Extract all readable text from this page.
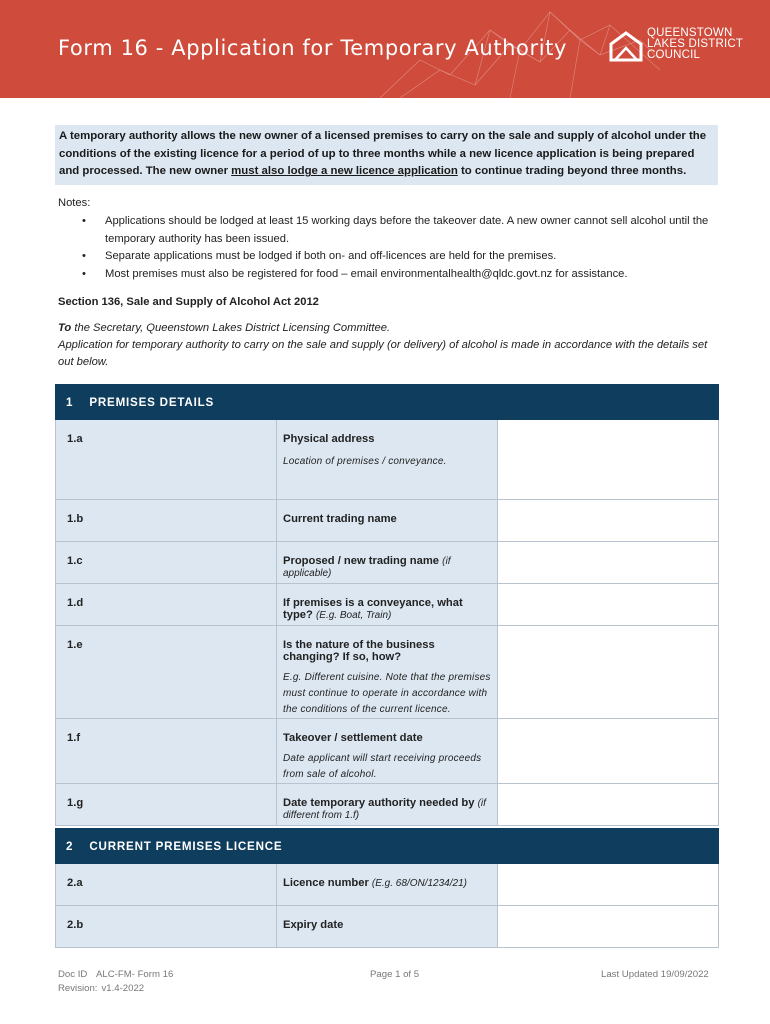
Form 16 - Application for Temporary Authority
QUEENSTOWN
LAKES DISTRICT
COUNCIL
A temporary authority allows the new owner of a licensed premises to carry on the sale and supply of alcohol under the conditions of the existing licence for a period of up to three months while a new licence application is being prepared and processed. The new owner must also lodge a new licence application to continue trading beyond three months.
Notes:
• Applications should be lodged at least 15 working days before the takeover date. A new owner cannot sell alcohol until the temporary authority has been issued.
• Separate applications must be lodged if both on- and off-licences are held for the premises.
• Most premises must also be registered for food – email environmentalhealth@qldc.govt.nz for assistance.
Section 136, Sale and Supply of Alcohol Act 2012
To the Secretary, Queenstown Lakes District Licensing Committee.
Application for temporary authority to carry on the sale and supply (or delivery) of alcohol is made in accordance with the details set out below.
1 PREMISES DETAILS		
1.a	Physical address
Location of premises / conveyance.	

1.b	Current trading name	

1.c	Proposed / new trading name (if applicable)	

1.d	If premises is a conveyance, what type? (E.g. Boat, Train)	

1.e	Is the nature of the business changing? If so, how?
E.g. Different cuisine. Note that the premises must continue to operate in accordance with the conditions of the current licence.	

1.f	Takeover / settlement date
Date applicant will start receiving proceeds from sale of alcohol.	

1.g	Date temporary authority needed by (if different from 1.f)	

2 CURRENT PREMISES LICENCE		
2.a	Licence number (E.g. 68/ON/1234/21)	

2.b	Expiry date	

Doc ID ALC-FM- Form 16
Revision: v1.4-2022
Page 1 of 5	Last Updated 19/09/2022
